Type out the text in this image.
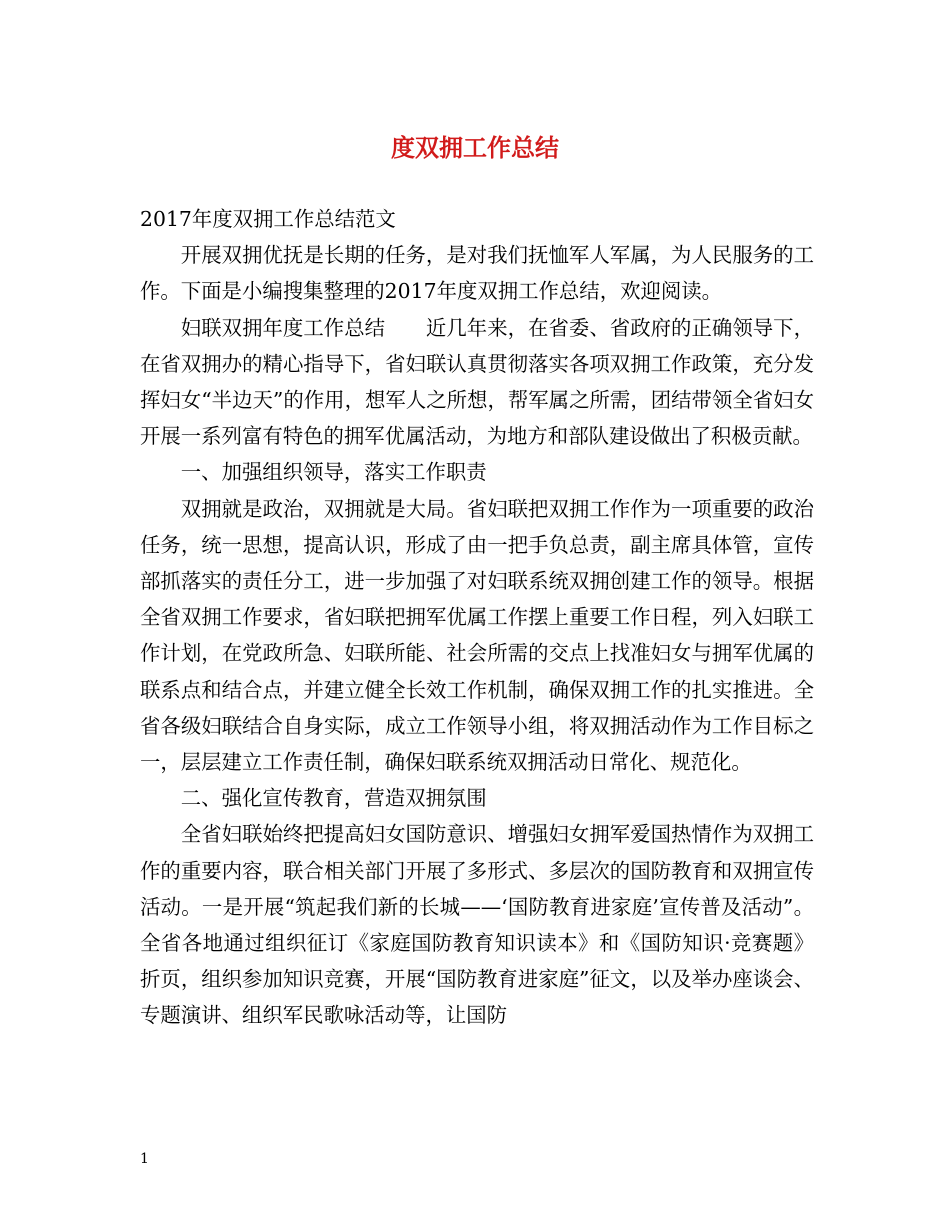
度双拥工作总结

2017年度双拥工作总结范文

开展双拥优抚是长期的任务，是对我们抚恤军人军属，为人民服务的工作。下面是小编搜集整理的2017年度双拥工作总结，欢迎阅读。

妇联双拥年度工作总结　　近几年来，在省委、省政府的正确领导下，在省双拥办的精心指导下，省妇联认真贯彻落实各项双拥工作政策，充分发挥妇女“半边天”的作用，想军人之所想，帮军属之所需，团结带领全省妇女开展一系列富有特色的拥军优属活动，为地方和部队建设做出了积极贡献。

一、加强组织领导，落实工作职责

双拥就是政治，双拥就是大局。省妇联把双拥工作作为一项重要的政治任务，统一思想，提高认识，形成了由一把手负总责，副主席具体管，宣传部抓落实的责任分工，进一步加强了对妇联系统双拥创建工作的领导。根据全省双拥工作要求，省妇联把拥军优属工作摆上重要工作日程，列入妇联工作计划，在党政所急、妇联所能、社会所需的交点上找准妇女与拥军优属的联系点和结合点，并建立健全长效工作机制，确保双拥工作的扎实推进。全省各级妇联结合自身实际，成立工作领导小组，将双拥活动作为工作目标之一，层层建立工作责任制，确保妇联系统双拥活动日常化、规范化。

二、强化宣传教育，营造双拥氛围

全省妇联始终把提高妇女国防意识、增强妇女拥军爱国热情作为双拥工作的重要内容，联合相关部门开展了多形式、多层次的国防教育和双拥宣传活动。一是开展“筑起我们新的长城——‘国防教育进家庭’宣传普及活动”。全省各地通过组织征订《家庭国防教育知识读本》和《国防知识·竞赛题》折页，组织参加知识竞赛，开展“国防教育进家庭”征文，以及举办座谈会、专题演讲、组织军民歌咏活动等，让国防

1
